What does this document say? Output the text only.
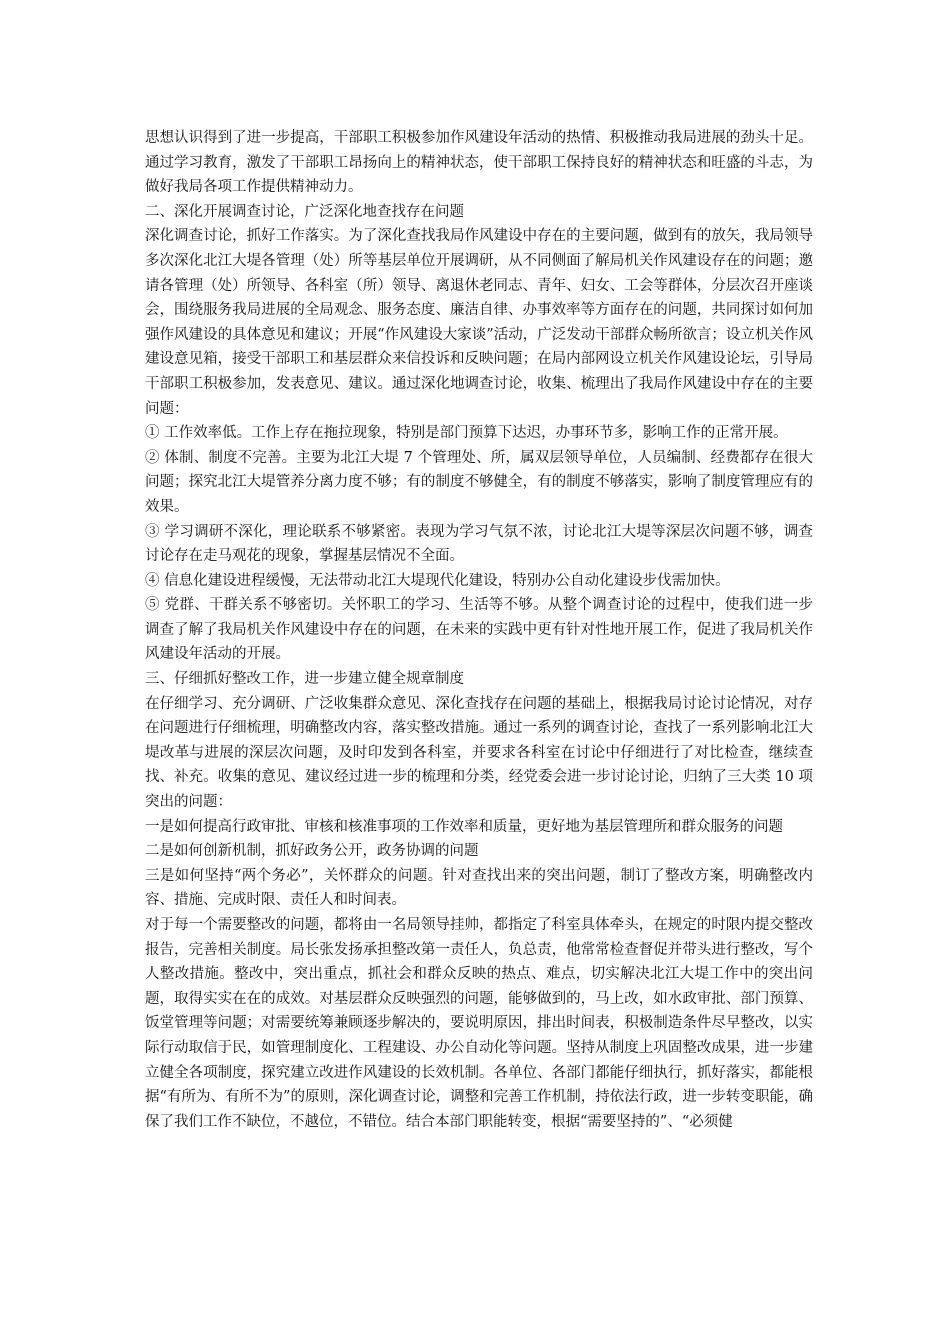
思想认识得到了进一步提高，干部职工积极参加作风建设年活动的热情、积极推动我局进展的劲头十足。通过学习教育，激发了干部职工昂扬向上的精神状态，使干部职工保持良好的精神状态和旺盛的斗志，为做好我局各项工作提供精神动力。

二、深化开展调查讨论，广泛深化地查找存在问题

深化调查讨论，抓好工作落实。为了深化查找我局作风建设中存在的主要问题，做到有的放矢，我局领导多次深化北江大堤各管理（处）所等基层单位开展调研，从不同侧面了解局机关作风建设存在的问题；邀请各管理（处）所领导、各科室（所）领导、离退休老同志、青年、妇女、工会等群体，分层次召开座谈会，围绕服务我局进展的全局观念、服务态度、廉洁自律、办事效率等方面存在的问题，共同探讨如何加强作风建设的具体意见和建议；开展“作风建设大家谈”活动，广泛发动干部群众畅所欲言；设立机关作风建设意见箱，接受干部职工和基层群众来信投诉和反映问题；在局内部网设立机关作风建设论坛，引导局干部职工积极参加，发表意见、建议。通过深化地调查讨论，收集、梳理出了我局作风建设中存在的主要问题：

① 工作效率低。工作上存在拖拉现象，特别是部门预算下达迟，办事环节多，影响工作的正常开展。

② 体制、制度不完善。主要为北江大堤 7 个管理处、所，属双层领导单位，人员编制、经费都存在很大问题；探究北江大堤管养分离力度不够；有的制度不够健全，有的制度不够落实，影响了制度管理应有的效果。

③ 学习调研不深化，理论联系不够紧密。表现为学习气氛不浓，讨论北江大堤等深层次问题不够，调查讨论存在走马观花的现象，掌握基层情况不全面。

④ 信息化建设进程缓慢，无法带动北江大堤现代化建设，特别办公自动化建设步伐需加快。

⑤ 党群、干群关系不够密切。关怀职工的学习、生活等不够。从整个调查讨论的过程中，使我们进一步调查了解了我局机关作风建设中存在的问题，在未来的实践中更有针对性地开展工作，促进了我局机关作风建设年活动的开展。

三、仔细抓好整改工作，进一步建立健全规章制度

在仔细学习、充分调研、广泛收集群众意见、深化查找存在问题的基础上，根据我局讨论讨论情况，对存在问题进行仔细梳理，明确整改内容，落实整改措施。通过一系列的调查讨论，查找了一系列影响北江大堤改革与进展的深层次问题，及时印发到各科室，并要求各科室在讨论中仔细进行了对比检查，继续查找、补充。收集的意见、建议经过进一步的梳理和分类，经党委会进一步讨论讨论，归纳了三大类 10 项突出的问题：

一是如何提高行政审批、审核和核准事项的工作效率和质量，更好地为基层管理所和群众服务的问题

二是如何创新机制，抓好政务公开，政务协调的问题

三是如何坚持“两个务必”，关怀群众的问题。针对查找出来的突出问题，制订了整改方案，明确整改内容、措施、完成时限、责任人和时间表。

对于每一个需要整改的问题，都将由一名局领导挂帅，都指定了科室具体牵头，在规定的时限内提交整改报告，完善相关制度。局长张发扬承担整改第一责任人，负总责，他常常检查督促并带头进行整改，写个人整改措施。整改中，突出重点，抓社会和群众反映的热点、难点，切实解决北江大堤工作中的突出问题，取得实实在在的成效。对基层群众反映强烈的问题，能够做到的，马上改，如水政审批、部门预算、饭堂管理等问题；对需要统筹兼顾逐步解决的，要说明原因，排出时间表，积极制造条件尽早整改，以实际行动取信于民，如管理制度化、工程建设、办公自动化等问题。坚持从制度上巩固整改成果，进一步建立健全各项制度，探究建立改进作风建设的长效机制。各单位、各部门都能仔细执行，抓好落实，都能根据“有所为、有所不为”的原则，深化调查讨论，调整和完善工作机制，持依法行政，进一步转变职能，确保了我们工作不缺位，不越位，不错位。结合本部门职能转变，根据“需要坚持的”、“必须健
